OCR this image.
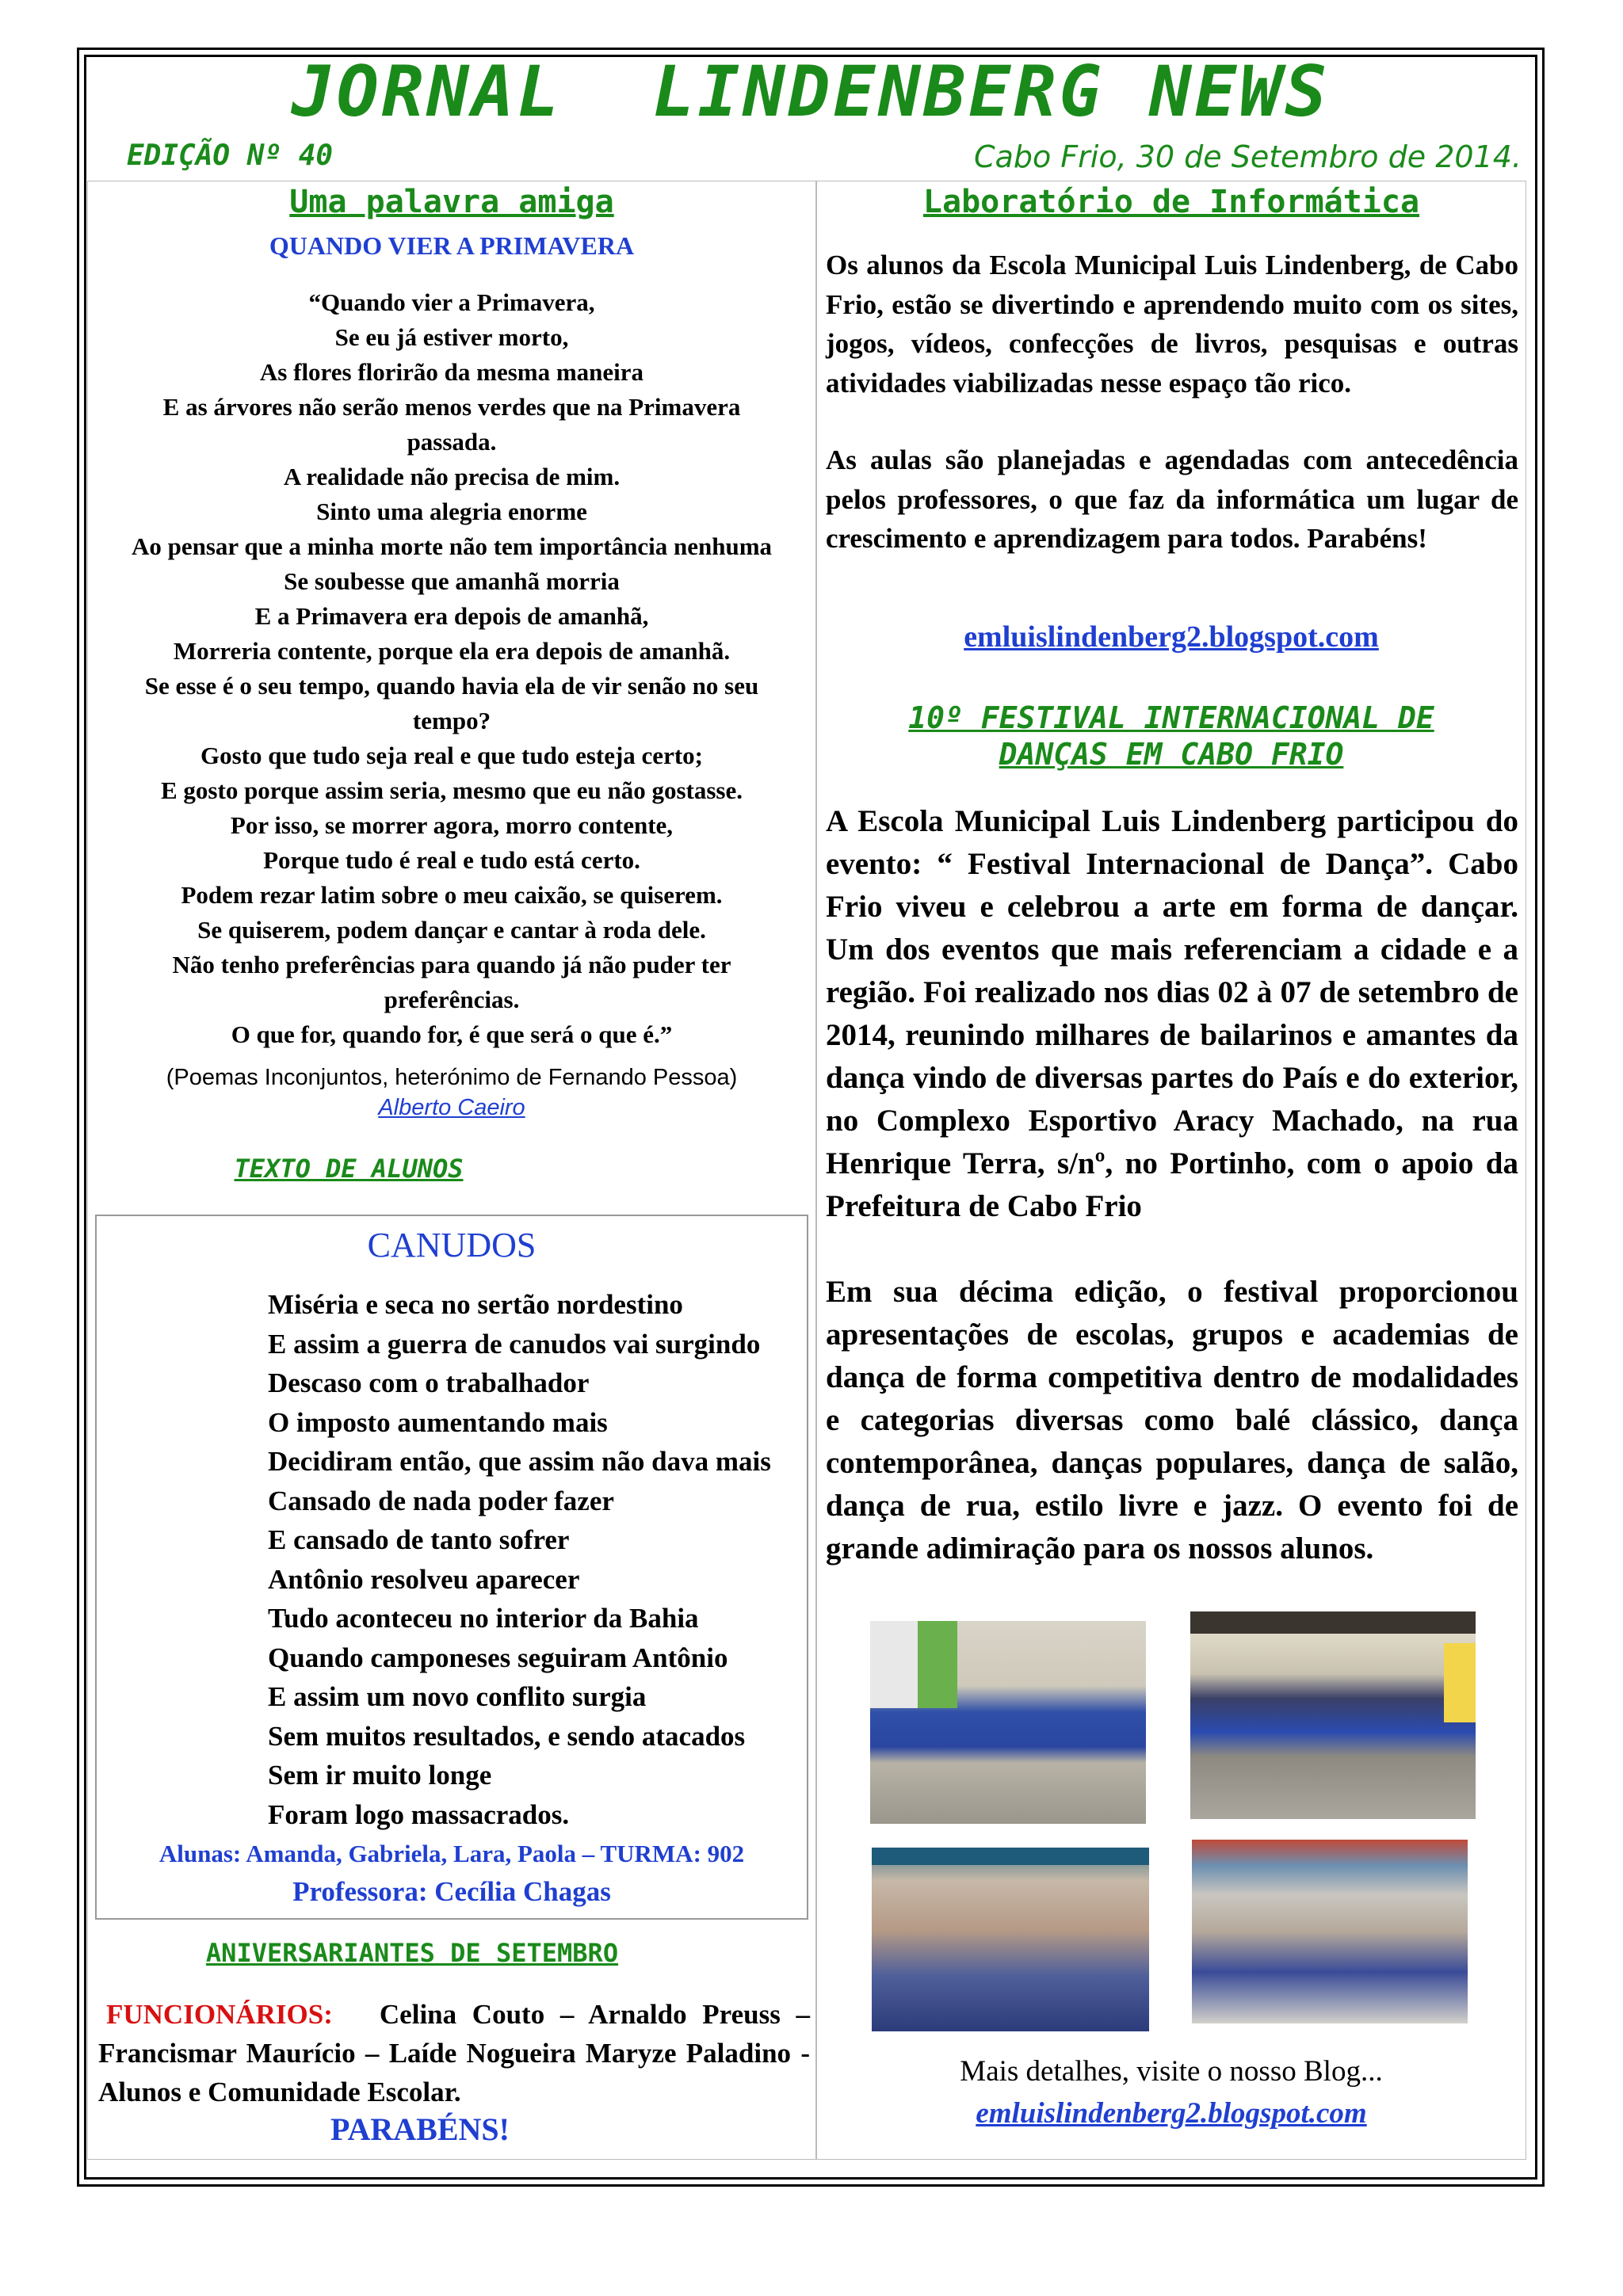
JORNAL  LINDENBERG NEWS
EDIÇÃO Nº 40	Cabo Frio, 30 de Setembro de 2014.
Uma palavra amiga
QUANDO VIER A PRIMAVERA
“Quando vier a Primavera,
Se eu já estiver morto,
As flores florirão da mesma maneira
E as árvores não serão menos verdes que na Primavera
passada.
A realidade não precisa de mim.
Sinto uma alegria enorme
Ao pensar que a minha morte não tem importância nenhuma
Se soubesse que amanhã morria
E a Primavera era depois de amanhã,
Morreria contente, porque ela era depois de amanhã.
Se esse é o seu tempo, quando havia ela de vir senão no seu
tempo?
Gosto que tudo seja real e que tudo esteja certo;
E gosto porque assim seria, mesmo que eu não gostasse.
Por isso, se morrer agora, morro contente,
Porque tudo é real e tudo está certo.
Podem rezar latim sobre o meu caixão, se quiserem.
Se quiserem, podem dançar e cantar à roda dele.
Não tenho preferências para quando já não puder ter
preferências.
O que for, quando for, é que será o que é.”
(Poemas Inconjuntos, heterónimo de Fernando Pessoa)
Alberto Caeiro
TEXTO DE ALUNOS
CANUDOS
Miséria e seca no sertão nordestino
E assim a guerra de canudos vai surgindo
Descaso com o trabalhador
O imposto aumentando mais
Decidiram então, que assim não dava mais
Cansado de nada poder fazer
E cansado de tanto sofrer
Antônio resolveu aparecer
Tudo aconteceu no interior da Bahia
Quando camponeses seguiram Antônio
E assim um novo conflito surgia
Sem muitos resultados, e sendo atacados
Sem ir muito longe
Foram logo massacrados.
Alunas: Amanda, Gabriela, Lara, Paola – TURMA: 902
Professora: Cecília Chagas
ANIVERSARIANTES DE SETEMBRO
FUNCIONÁRIOS: Celina Couto – Arnaldo Preuss – Francismar Maurício – Laíde Nogueira Maryze Paladino - Alunos e Comunidade Escolar.
PARABÉNS!
Laboratório de Informática
Os alunos da Escola Municipal Luis Lindenberg, de Cabo Frio, estão se divertindo e aprendendo muito com os sites, jogos, vídeos, confecções de livros, pesquisas e outras atividades viabilizadas nesse espaço tão rico.
As aulas são planejadas e agendadas com antecedência pelos professores, o que faz da informática um lugar de crescimento e aprendizagem para todos. Parabéns!
emluislindenberg2.blogspot.com
10º FESTIVAL INTERNACIONAL DE
DANÇAS EM CABO FRIO
A Escola Municipal Luis Lindenberg participou do evento: “ Festival Internacional de Dança”. Cabo Frio viveu e celebrou a arte em forma de dançar. Um dos eventos que mais referenciam a cidade e a região. Foi realizado nos dias 02 à 07 de setembro de 2014, reunindo milhares de bailarinos e amantes da dança vindo de diversas partes do País e do exterior, no Complexo Esportivo Aracy Machado, na rua Henrique Terra, s/nº, no Portinho, com o apoio da Prefeitura de Cabo Frio
Em sua décima edição, o festival proporcionou apresentações de escolas, grupos e academias de dança de forma competitiva dentro de modalidades e categorias diversas como balé clássico, dança contemporânea, danças populares, dança de salão, dança de rua, estilo livre e jazz. O evento foi de grande adimiração para os nossos alunos.
Mais detalhes, visite o nosso Blog...
emluislindenberg2.blogspot.com
